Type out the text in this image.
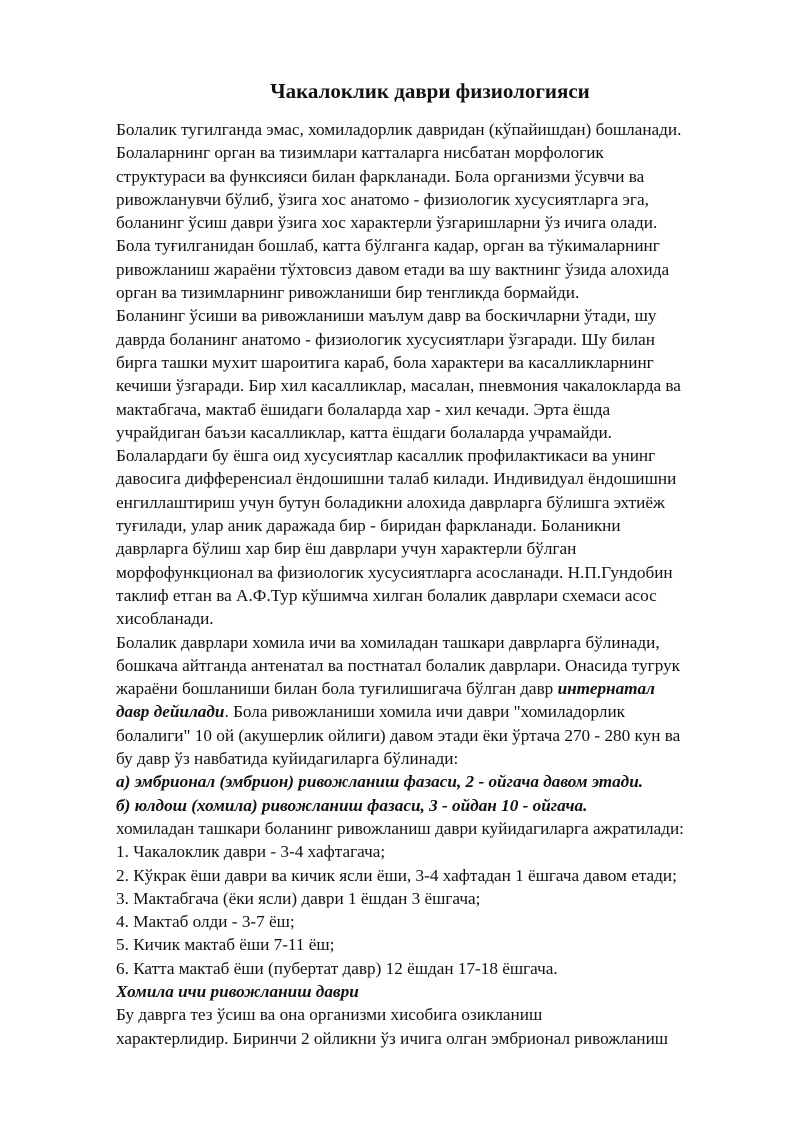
Чакалоклик даври физиологияси
Болалик тугилганда эмас, хомиладорлик давридан (кўпайишдан) бошланади.
Болаларнинг орган ва тизимлари катталарга нисбатан морфологик
структураси ва функсияси билан фаркланади. Бола организми ўсувчи ва
ривожланувчи бўлиб, ўзига хос анатомо - физиологик хусусиятларга эга,
боланинг ўсиш даври ўзига хос характерли ўзгаришларни ўз ичига олади.
Бола туғилганидан бошлаб, катта бўлганга кадар, орган ва тўкималарнинг
ривожланиш жараёни тўхтовсиз давом етади ва шу вактнинг ўзида алохида
орган ва тизимларнинг ривожланиши бир тенгликда бормайди.
Боланинг ўсиши ва ривожланиши маълум давр ва боскичларни ўтади, шу
даврда боланинг анатомо - физиологик хусусиятлари ўзгаради. Шу билан
бирга ташки мухит шароитига караб, бола характери ва касалликларнинг
кечиши ўзгаради. Бир хил касалликлар, масалан, пневмония чакалокларда ва
мактабгача, мактаб ёшидаги болаларда хар - хил кечади. Эрта ёшда
учрайдиган баъзи касалликлар, катта ёшдаги болаларда учрамайди.
Болалардаги бу ёшга оид хусусиятлар касаллик профилактикаси ва унинг
давосига дифференсиал ёндошишни талаб килади. Индивидуал ёндошишни
енгиллаштириш учун бутун боладикни алохида даврларга бўлишга эхтиёж
туғилади, улар аник даражада бир - биридан фаркланади. Боланикни
даврларга бўлиш хар бир ёш даврлари учун характерли бўлган
морфофункционал ва физиологик хусусиятларга асосланади. Н.П.Гундобин
таклиф етган ва А.Ф.Тур кўшимча хилган болалик даврлари схемаси асос
хисобланади.
Болалик даврлари хомила ичи ва хомиладан ташкари даврларга бўлинади,
бошкача айтганда антенатал ва постнатал болалик даврлари. Онасида тугрук
жараёни бошланиши билан бола туғилишигача бўлган давр интернатал
давр дейилади. Бола ривожланиши хомила ичи даври "хомиладорлик
болалиги" 10 ой (акушерлик ойлиги) давом этади ёки ўртача 270 - 280 кун ва
бу давр ўз навбатида куйидагиларга бўлинади:
а) эмбрионал (эмбрион) ривожланиш фазаси, 2 - ойгача давом этади.
б) юлдош (хомила) ривожланиш фазаси, 3 - ойдан 10 - ойгача.
хомиладан ташкари боланинг ривожланиш даври куйидагиларга ажратилади:
1. Чакалоклик даври - 3-4 хафтагача;
2. Кўкрак ёши даври ва кичик ясли ёши, 3-4 хафтадан 1 ёшгача давом етади;
3. Мактабгача (ёки ясли) даври 1 ёшдан 3 ёшгача;
4. Мактаб олди - 3-7 ёш;
5. Кичик мактаб ёши 7-11 ёш;
6. Катта мактаб ёши (пубертат давр) 12 ёшдан 17-18 ёшгача.
Хомила ичи ривожланиш даври
Бу даврга тез ўсиш ва она организми хисобига озикланиш
характерлидир. Биринчи 2 ойликни ўз ичига олган эмбрионал ривожланиш
